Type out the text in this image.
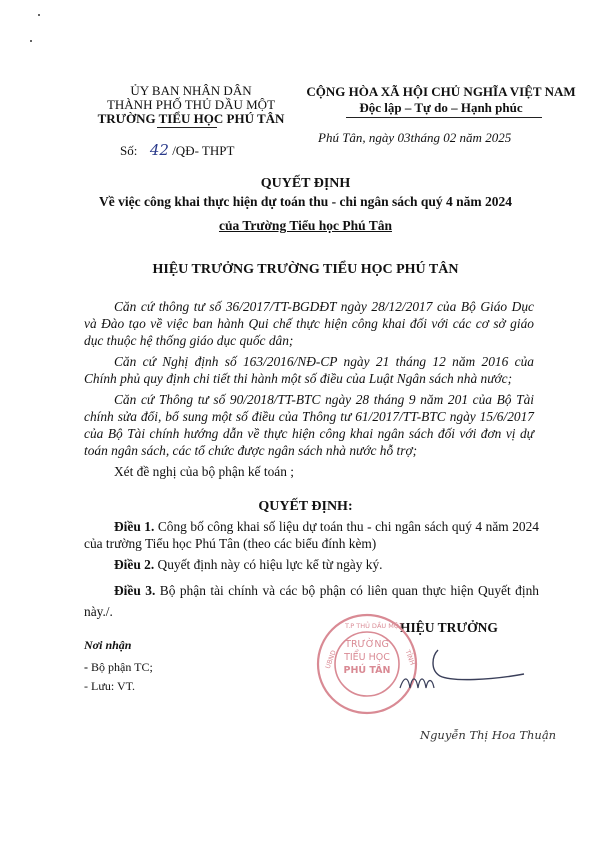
ỦY BAN NHÂN DÂN
THÀNH PHỐ THỦ DẦU MỘT
TRƯỜNG TIỂU HỌC PHÚ TÂN
Số: 42 /QĐ- THPT
CỘNG HÒA XÃ HỘI CHỦ NGHĨA VIỆT NAM
Độc lập – Tự do – Hạnh phúc
Phú Tân, ngày 03tháng 02 năm 2025
QUYẾT ĐỊNH
Về việc công khai thực hiện dự toán thu - chi ngân sách quý 4 năm 2024
của Trường Tiểu học Phú Tân
HIỆU TRƯỞNG TRƯỜNG TIỂU HỌC PHÚ TÂN
Căn cứ thông tư số 36/2017/TT-BGDĐT ngày 28/12/2017 của Bộ Giáo Dục và Đào tạo về việc ban hành Qui chế thực hiện công khai đối với các cơ sở giáo dục thuộc hệ thống giáo dục quốc dân;
Căn cứ Nghị định số 163/2016/NĐ-CP ngày 21 tháng 12 năm 2016 của Chính phủ quy định chi tiết thi hành một số điều của Luật Ngân sách nhà nước;
Căn cứ Thông tư số 90/2018/TT-BTC ngày 28 tháng 9 năm 201 của Bộ Tài chính sửa đổi, bổ sung một số điều của Thông tư 61/2017/TT-BTC ngày 15/6/2017 của Bộ Tài chính hướng dẫn về thực hiện công khai ngân sách đối với đơn vị dự toán ngân sách, các tổ chức được ngân sách nhà nước hỗ trợ;
Xét đề nghị của bộ phận kế toán ;
QUYẾT ĐỊNH:
Điều 1. Công bố công khai số liệu dự toán thu - chi ngân sách quý 4 năm 2024 của trường Tiểu học Phú Tân (theo các biểu đính kèm)
Điều 2. Quyết định này có hiệu lực kể từ ngày ký.
Điều 3. Bộ phận tài chính và các bộ phận có liên quan thực hiện Quyết định này./.
Nơi nhận
- Bộ phận TC;
- Lưu: VT.
HIỆU TRƯỞNG
T.P THỦ DẦU MỘT
UBND	TỈNH
TRƯỜNG
TIỂU HỌC
PHÚ TÂN
Nguyễn Thị Hoa Thuận
